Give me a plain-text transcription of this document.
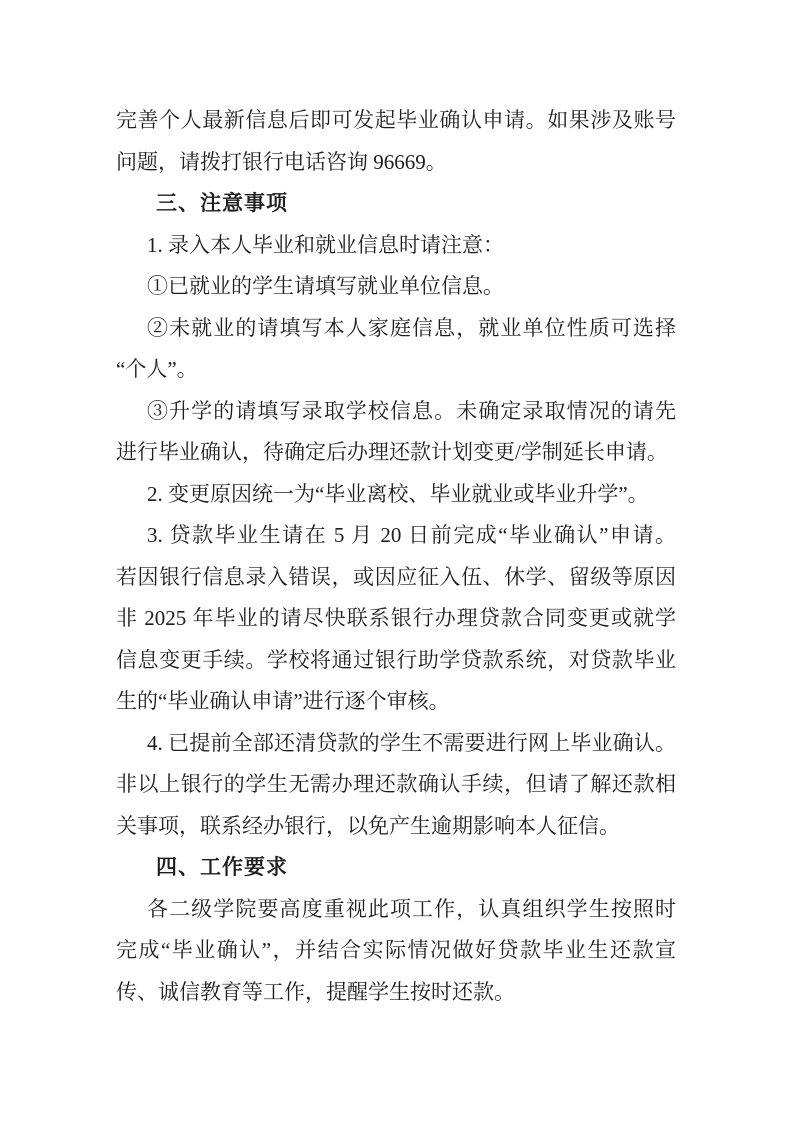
完善个人最新信息后即可发起毕业确认申请。如果涉及账号
问题，请拨打银行电话咨询 96669。

三、注意事项

1. 录入本人毕业和就业信息时请注意：

①已就业的学生请填写就业单位信息。

②未就业的请填写本人家庭信息，就业单位性质可选择
“个人”。

③升学的请填写录取学校信息。未确定录取情况的请先
进行毕业确认，待确定后办理还款计划变更/学制延长申请。

2. 变更原因统一为“毕业离校、毕业就业或毕业升学”。

3. 贷款毕业生请在 5 月 20 日前完成“毕业确认”申请。
若因银行信息录入错误，或因应征入伍、休学、留级等原因
非 2025 年毕业的请尽快联系银行办理贷款合同变更或就学
信息变更手续。学校将通过银行助学贷款系统，对贷款毕业
生的“毕业确认申请”进行逐个审核。

4. 已提前全部还清贷款的学生不需要进行网上毕业确认。
非以上银行的学生无需办理还款确认手续，但请了解还款相
关事项，联系经办银行，以免产生逾期影响本人征信。

四、工作要求

各二级学院要高度重视此项工作，认真组织学生按照时
完成“毕业确认”，并结合实际情况做好贷款毕业生还款宣
传、诚信教育等工作，提醒学生按时还款。
